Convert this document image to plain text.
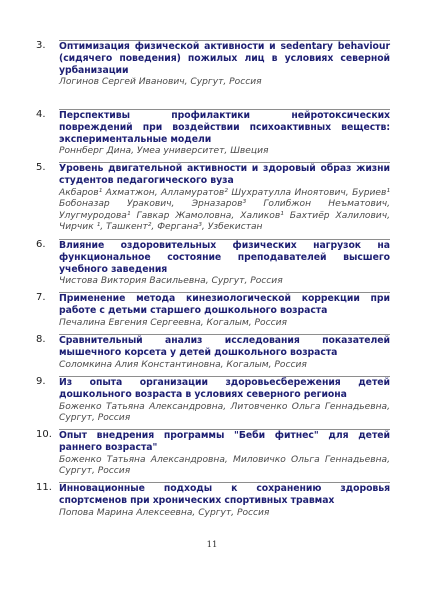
3.	Оптимизация физической активности и sedentary behaviour (сидячего поведения) пожилых лиц в условиях северной урбанизации
Логинов Сергей Иванович, Сургут, Россия
4.	Перспективы профилактики нейротоксических повреждений при воздействии психоактивных веществ: экспериментальные модели
Роннберг Дина, Умеа университет, Швеция
5.	Уровень двигательной активности и здоровый образ жизни студентов педагогического вуза
Акбаров¹ Ахматжон, Алламуратов² Шухратулла Иноятович, Буриев¹ Бобоназар Уракович, Эрназаров³ Голибжон Неъматович, Улугмуродова¹ Гавкар Жамоловна, Халиков¹ Бахтиёр Халилович, Чирчик ¹, Ташкент², Фергана³, Узбекистан
6.	Влияние оздоровительных физических нагрузок на функциональное состояние преподавателей высшего учебного заведения
Чистова Виктория Васильевна, Сургут, Россия
7.	Применение метода кинезиологической коррекции при работе с детьми старшего дошкольного возраста
Печалина Евгения Сергеевна, Когалым, Россия
8.	Сравнительный анализ исследования показателей мышечного корсета у детей дошкольного возраста
Соломкина Алия Константиновна, Когалым, Россия
9.	Из опыта организации здоровьесбережения детей дошкольного возраста в условиях северного региона
Боженко Татьяна Александровна, Литовченко Ольга Геннадьевна, Сургут, Россия
10. Опыт внедрения программы "Беби фитнес" для детей раннего возраста"
Боженко Татьяна Александровна, Миловичко Ольга Геннадьевна, Сургут, Россия
11. Инновационные подходы к сохранению здоровья спортсменов при хронических спортивных травмах
Попова Марина Алексеевна, Сургут, Россия
11
